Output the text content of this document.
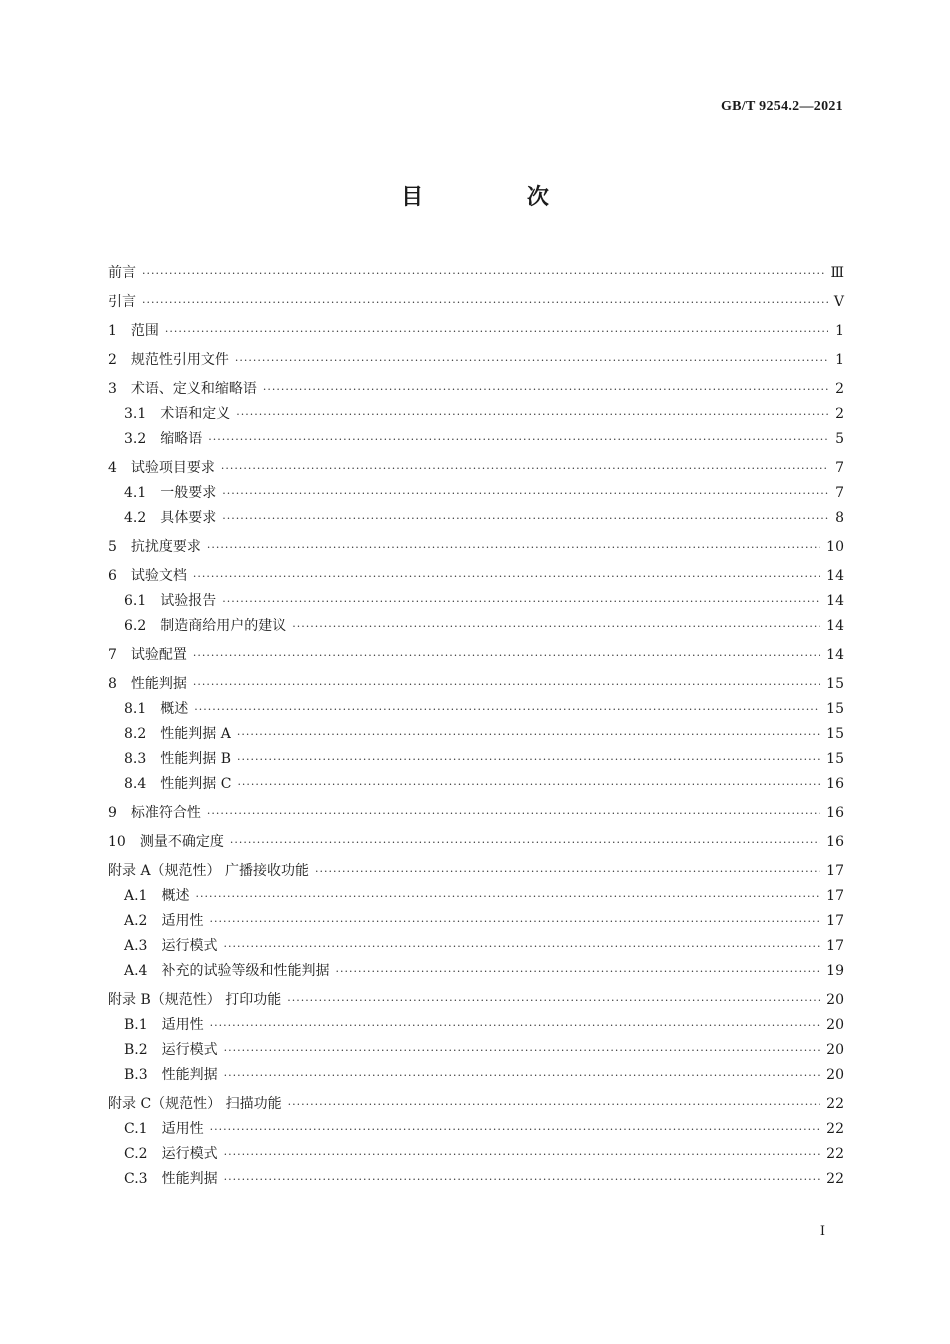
GB/T 9254.2—2021
目 次
前言 ·····	Ⅲ
引言 ·····	Ⅴ
1 范围 ·····	1
2 规范性引用文件 ·····	1
3 术语、定义和缩略语 ·····	2
3.1 术语和定义 ·····	2
3.2 缩略语 ·····	5
4 试验项目要求 ·····	7
4.1 一般要求 ·····	7
4.2 具体要求 ·····	8
5 抗扰度要求 ·····	10
6 试验文档 ·····	14
6.1 试验报告 ·····	14
6.2 制造商给用户的建议 ·····	14
7 试验配置 ·····	14
8 性能判据 ·····	15
8.1 概述 ·····	15
8.2 性能判据 A ·····	15
8.3 性能判据 B ·····	15
8.4 性能判据 C ·····	16
9 标准符合性 ·····	16
10 测量不确定度 ·····	16
附录 A（规范性） 广播接收功能 ·····	17
A.1 概述 ·····	17
A.2 适用性 ·····	17
A.3 运行模式 ·····	17
A.4 补充的试验等级和性能判据 ·····	19
附录 B（规范性） 打印功能 ·····	20
B.1 适用性 ·····	20
B.2 运行模式 ·····	20
B.3 性能判据 ·····	20
附录 C（规范性） 扫描功能 ·····	22
C.1 适用性 ·····	22
C.2 运行模式 ·····	22
C.3 性能判据 ·····	22
I
